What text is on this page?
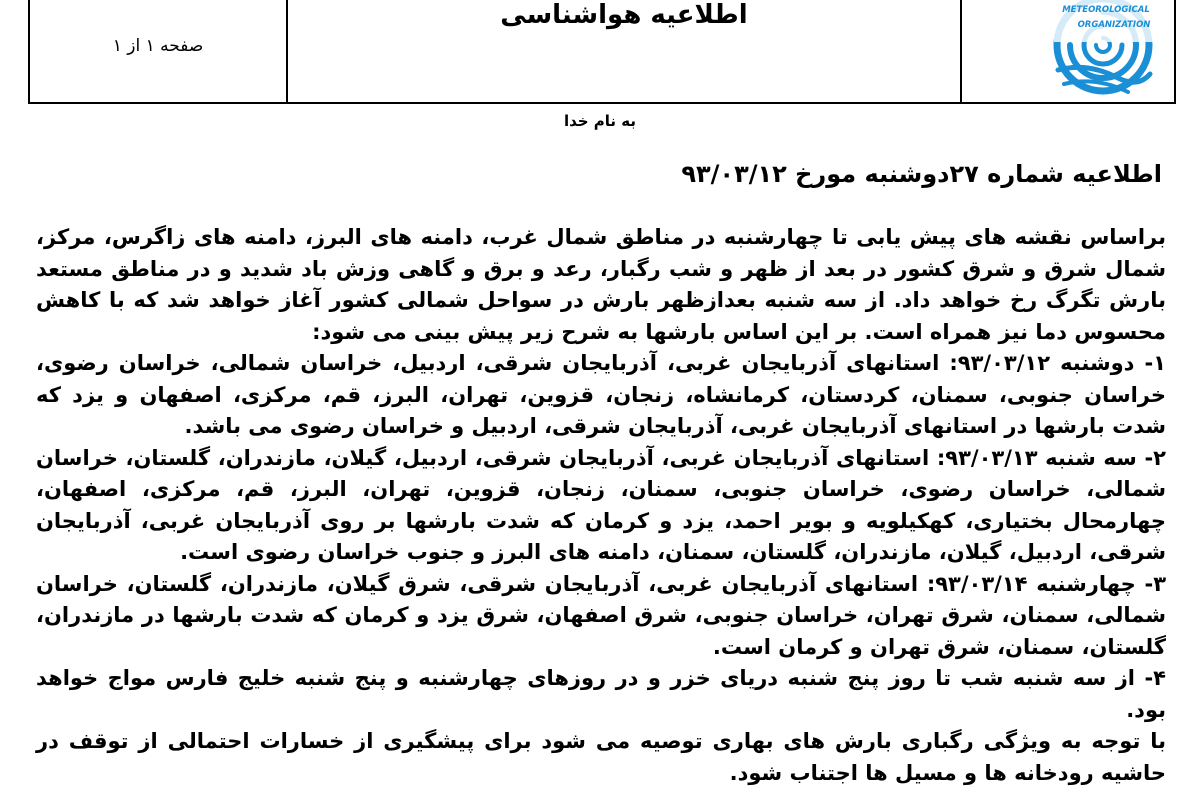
صفحه ۱ از ۱
اطلاعیه هواشناسی	METEOROLOGICAL
ORGANIZATION
به نام خدا
اطلاعیه شماره ۲۷دوشنبه مورخ ۹۳/۰۳/۱۲

براساس نقشه های پیش یابی تا چهارشنبه در مناطق شمال غرب، دامنه های البرز، دامنه های زاگرس، مرکز، شمال شرق و شرق کشور در بعد از ظهر و شب رگبار، رعد و برق و گاهی وزش باد شدید و در مناطق مستعد بارش تگرگ رخ خواهد داد. از سه شنبه بعدازظهر بارش در سواحل شمالی کشور آغاز خواهد شد که با کاهش محسوس دما نیز همراه است. بر این اساس بارشها به شرح زیر پیش بینی می شود:

۱- دوشنبه ۹۳/۰۳/۱۲: استانهای آذربایجان غربی، آذربایجان شرقی، اردبیل، خراسان شمالی، خراسان رضوی، خراسان جنوبی، سمنان، کردستان، کرمانشاه، زنجان، قزوین، تهران، البرز، قم، مرکزی، اصفهان و یزد که شدت بارشها در استانهای آذربایجان غربی، آذربایجان شرقی، اردبیل و خراسان رضوی می باشد.

۲- سه شنبه ۹۳/۰۳/۱۳: استانهای آذربایجان غربی، آذربایجان شرقی، اردبیل، گیلان، مازندران، گلستان، خراسان شمالی، خراسان رضوی، خراسان جنوبی، سمنان، زنجان، قزوین، تهران، البرز، قم، مرکزی، اصفهان، چهارمحال بختیاری، کهکیلویه و بویر احمد، یزد و کرمان که شدت بارشها بر روی آذربایجان غربی، آذربایجان شرقی، اردبیل، گیلان، مازندران، گلستان، سمنان، دامنه های البرز و جنوب خراسان رضوی است.

۳- چهارشنبه ۹۳/۰۳/۱۴: استانهای آذربایجان غربی، آذربایجان شرقی، شرق گیلان، مازندران، گلستان، خراسان شمالی، سمنان، شرق تهران، خراسان جنوبی، شرق اصفهان، شرق یزد و کرمان که شدت بارشها در مازندران، گلستان، سمنان، شرق تهران و کرمان است.

۴- از سه شنبه شب تا روز پنج شنبه دریای خزر و در روزهای چهارشنبه و پنج شنبه خلیج فارس مواج خواهد بود.

با توجه به ویژگی رگباری بارش های بهاری توصیه می شود برای پیشگیری از خسارات احتمالی از توقف در حاشیه رودخانه ها و مسیل ها اجتناب شود.
